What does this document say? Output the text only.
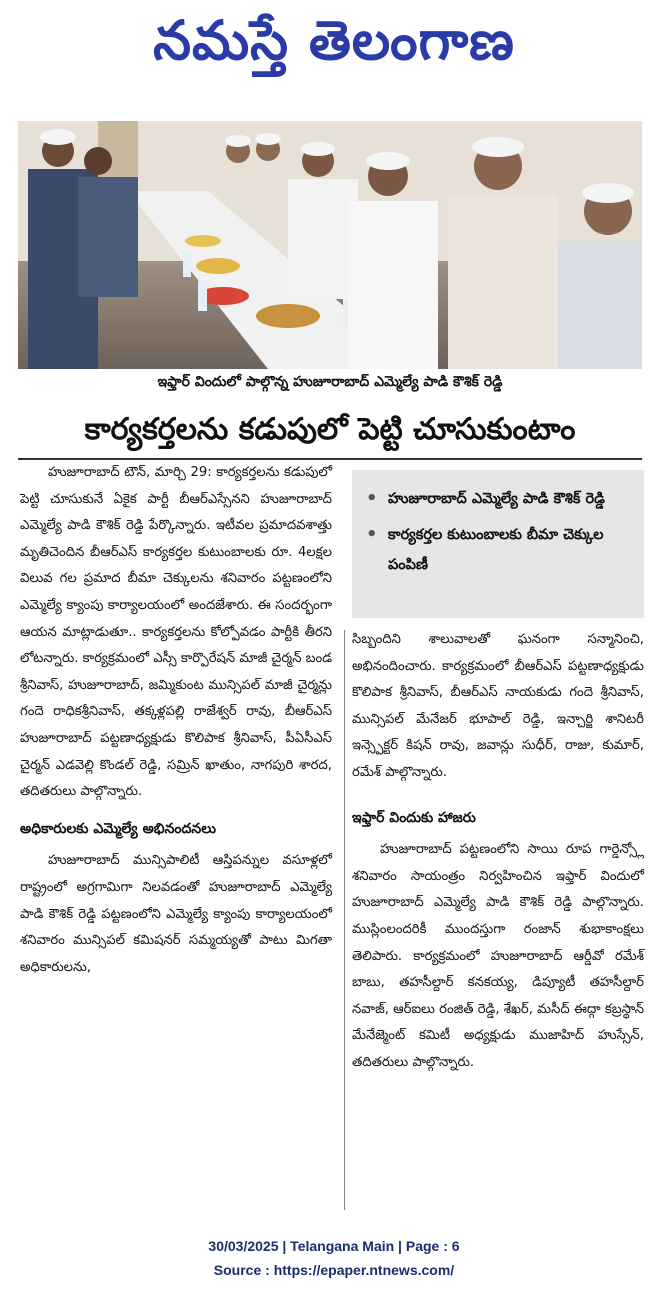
నమస్తే తెలంగాణ
ఇఫ్తార్ విందులో పాల్గొన్న హుజూరాబాద్ ఎమ్మెల్యే పాడి కౌశిక్ రెడ్డి
కార్యకర్తలను కడుపులో పెట్టి చూసుకుంటాం

హుజూరాబాద్ టౌన్, మార్చి 29: కార్యకర్తలను కడుపులో పెట్టి చూసుకునే ఏకైక పార్టీ బీఆర్ఎస్సేనని హుజూరాబాద్ ఎమ్మెల్యే పాడి కౌశిక్ రెడ్డి పేర్కొన్నారు. ఇటీవల ప్రమాదవశాత్తు మృతిచెందిన బీఆర్ఎస్ కార్యకర్తల కుటుంబాలకు రూ. 4లక్షల విలువ గల ప్రమాద బీమా చెక్కులను శనివారం పట్టణంలోని ఎమ్మెల్యే క్యాంపు కార్యాలయంలో అందజేశారు. ఈ సందర్భంగా ఆయన మాట్లాడుతూ.. కార్యకర్తలను కోల్పోవడం పార్టీకి తీరని లోటన్నారు. కార్యక్రమంలో ఎస్సీ కార్పొరేషన్ మాజీ చైర్మన్ బండ శ్రీనివాస్, హుజూరాబాద్, జమ్మికుంట మున్సిపల్ మాజీ చైర్మన్లు గందె రాధికశ్రీనివాస్, తక్కళ్లపల్లి రాజేశ్వర్ రావు, బీఆర్ఎస్ హుజూరాబాద్ పట్టణాధ్యక్షుడు కొలిపాక శ్రీనివాస్, పీఏసీఎస్ చైర్మన్ ఎడవెల్లి కొండల్ రెడ్డి, సమ్రిన్ ఖాతుం, నాగపురి శారద, తదితరులు పాల్గొన్నారు.

అధికారులకు ఎమ్మెల్యే అభినందనలు

హుజూరాబాద్ మున్సిపాలిటీ ఆస్తిపన్నుల వసూళ్లలో రాష్ట్రంలో అగ్రగామిగా నిలవడంతో హుజూరాబాద్ ఎమ్మెల్యే పాడి కౌశిక్ రెడ్డి పట్టణంలోని ఎమ్మెల్యే క్యాంపు కార్యాలయంలో శనివారం మున్సిపల్ కమిషనర్ సమ్మయ్యతో పాటు మిగతా అధికారులను,

• హుజూరాబాద్ ఎమ్మెల్యే పాడి కౌశిక్ రెడ్డి
• కార్యకర్తల కుటుంబాలకు బీమా చెక్కుల పంపిణీ

సిబ్బందిని శాలువాలతో ఘనంగా సన్మానించి, అభినందించారు. కార్యక్రమంలో బీఆర్ఎస్ పట్టణాధ్యక్షుడు కొలిపాక శ్రీనివాస్, బీఆర్ఎస్ నాయకుడు గందె శ్రీనివాస్, మున్సిపల్ మేనేజర్ భూపాల్ రెడ్డి, ఇన్చార్జి శానిటరీ ఇన్స్పెక్టర్ కిషన్ రావు, జవాన్లు సుధీర్, రాజు, కుమార్, రమేశ్ పాల్గొన్నారు.

ఇఫ్తార్ విందుకు హాజరు

హుజూరాబాద్ పట్టణంలోని సాయి రూప గార్డెన్స్లో శనివారం సాయంత్రం నిర్వహించిన ఇఫ్తార్ విందులో హుజూరాబాద్ ఎమ్మెల్యే పాడి కౌశిక్ రెడ్డి పాల్గొన్నారు. ముస్లింలందరికీ ముందస్తుగా రంజాన్ శుభాకాంక్షలు తెలిపారు. కార్యక్రమంలో హుజూరాబాద్ ఆర్డీవో రమేశ్ బాబు, తహసీల్దార్ కనకయ్య, డిప్యూటీ తహసీల్దార్ నవాజ్, ఆర్ఐలు రంజిత్ రెడ్డి, శేఖర్, మసీద్ ఈద్గా కబ్రస్థాన్ మేనేజ్మెంట్ కమిటీ అధ్యక్షుడు ముజాహిద్ హుస్సేన్, తదితరులు పాల్గొన్నారు.

30/03/2025 | Telangana Main | Page : 6
Source : https://epaper.ntnews.com/
